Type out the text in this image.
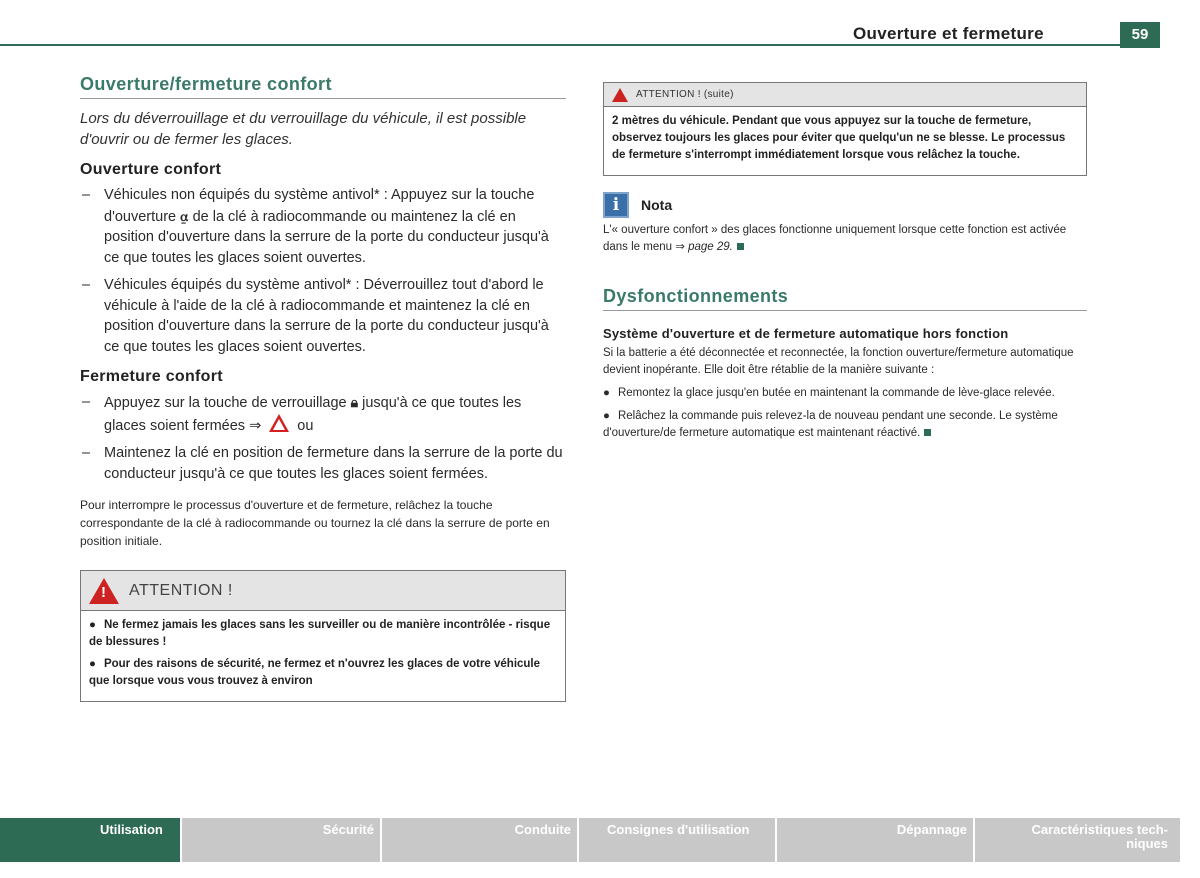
Ouverture et fermeture	59
Ouverture/fermeture confort

Lors du déverrouillage et du verrouillage du véhicule, il est possible d'ouvrir ou de fermer les glaces.

Ouverture confort
– Véhicules non équipés du système antivol* : Appuyez sur la touche d'ouverture ⍶ de la clé à radiocommande ou maintenez la clé en position d'ouverture dans la serrure de la porte du conducteur jusqu'à ce que toutes les glaces soient ouvertes.
– Véhicules équipés du système antivol* : Déverrouillez tout d'abord le véhicule à l'aide de la clé à radiocommande et maintenez la clé en position d'ouverture dans la serrure de la porte du conducteur jusqu'à ce que toutes les glaces soient ouvertes.
Fermeture confort
– Appuyez sur la touche de verrouillage 🔒︎ jusqu'à ce que toutes les glaces soient fermées ⇒ ou
– Maintenez la clé en position de fermeture dans la serrure de la porte du conducteur jusqu'à ce que toutes les glaces soient fermées.

Pour interrompre le processus d'ouverture et de fermeture, relâchez la touche correspondante de la clé à radiocommande ou tournez la clé dans la serrure de porte en position initiale.

!
ATTENTION !

● Ne fermez jamais les glaces sans les surveiller ou de manière incontrôlée - risque de blessures !

● Pour des raisons de sécurité, ne fermez et n'ouvrez les glaces de votre véhicule que lorsque vous vous trouvez à environ

ATTENTION ! (suite)

2 mètres du véhicule. Pendant que vous appuyez sur la touche de fermeture, observez toujours les glaces pour éviter que quelqu'un ne se blesse. Le processus de fermeture s'interrompt immédiatement lorsque vous relâchez la touche.

i	Nota

L'« ouverture confort » des glaces fonctionne uniquement lorsque cette fonction est activée dans le menu ⇒ page 29.

Dysfonctionnements
Système d'ouverture et de fermeture automatique hors fonction

Si la batterie a été déconnectée et reconnectée, la fonction ouverture/fermeture automatique devient inopérante. Elle doit être rétablie de la manière suivante :

● Remontez la glace jusqu'en butée en maintenant la commande de lève-glace relevée.

● Relâchez la commande puis relevez-la de nouveau pendant une seconde. Le système d'ouverture/de fermeture automatique est maintenant réactivé.

Utilisation	Sécurité	Conduite	Consignes d'utilisation	Dépannage	Caractéristiques tech-
niques
